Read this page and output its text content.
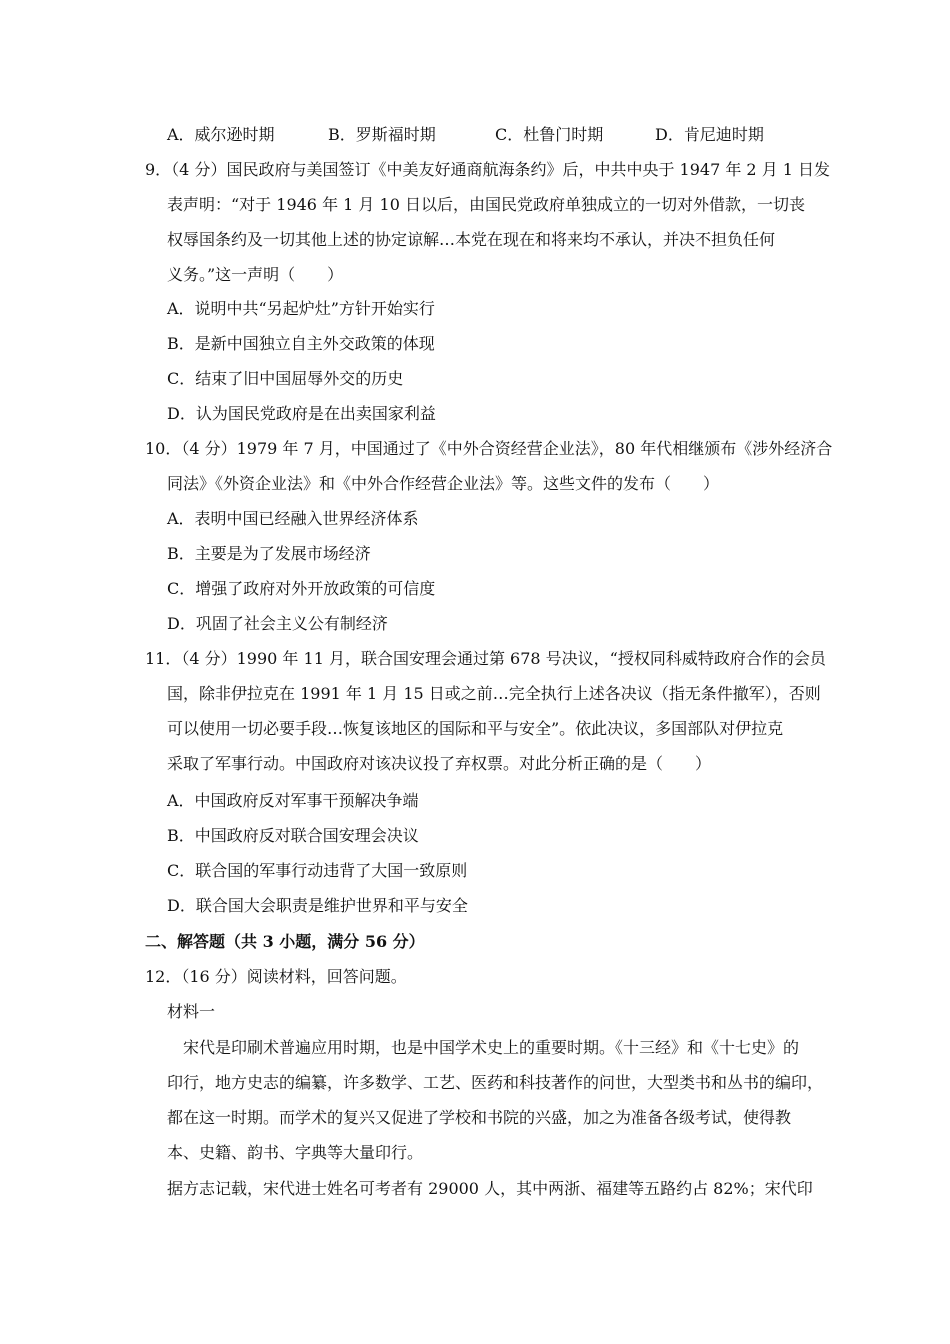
A．威尔逊时期	B．罗斯福时期	C．杜鲁门时期	D．肯尼迪时期
9．（4 分）国民政府与美国签订《中美友好通商航海条约》后，中共中央于 1947 年 2 月 1 日发
表声明：“对于 1946 年 1 月 10 日以后，由国民党政府单独成立的一切对外借款，一切丧
权辱国条约及一切其他上述的协定谅解…本党在现在和将来均不承认，并决不担负任何
义务。”这一声明（　　）
A．说明中共“另起炉灶”方针开始实行
B．是新中国独立自主外交政策的体现
C．结束了旧中国屈辱外交的历史
D．认为国民党政府是在出卖国家利益
10．（4 分）1979 年 7 月，中国通过了《中外合资经营企业法》，80 年代相继颁布《涉外经济合
同法》《外资企业法》和《中外合作经营企业法》等。这些文件的发布（　　）
A．表明中国已经融入世界经济体系
B．主要是为了发展市场经济
C．增强了政府对外开放政策的可信度
D．巩固了社会主义公有制经济
11．（4 分）1990 年 11 月，联合国安理会通过第 678 号决议，“授权同科威特政府合作的会员
国，除非伊拉克在 1991 年 1 月 15 日或之前…完全执行上述各决议（指无条件撤军），否则
可以使用一切必要手段…恢复该地区的国际和平与安全”。依此决议，多国部队对伊拉克
采取了军事行动。中国政府对该决议投了弃权票。对此分析正确的是（　　）
A．中国政府反对军事干预解决争端
B．中国政府反对联合国安理会决议
C．联合国的军事行动违背了大国一致原则
D．联合国大会职责是维护世界和平与安全
二、解答题（共 3 小题，满分 56 分）
12．（16 分）阅读材料，回答问题。
材料一
宋代是印刷术普遍应用时期，也是中国学术史上的重要时期。《十三经》和《十七史》的
印行，地方史志的编纂，许多数学、工艺、医药和科技著作的问世，大型类书和丛书的编印，
都在这一时期。而学术的复兴又促进了学校和书院的兴盛，加之为准备各级考试，使得教
本、史籍、韵书、字典等大量印行。
据方志记载，宋代进士姓名可考者有 29000 人，其中两浙、福建等五路约占 82%；宋代印
